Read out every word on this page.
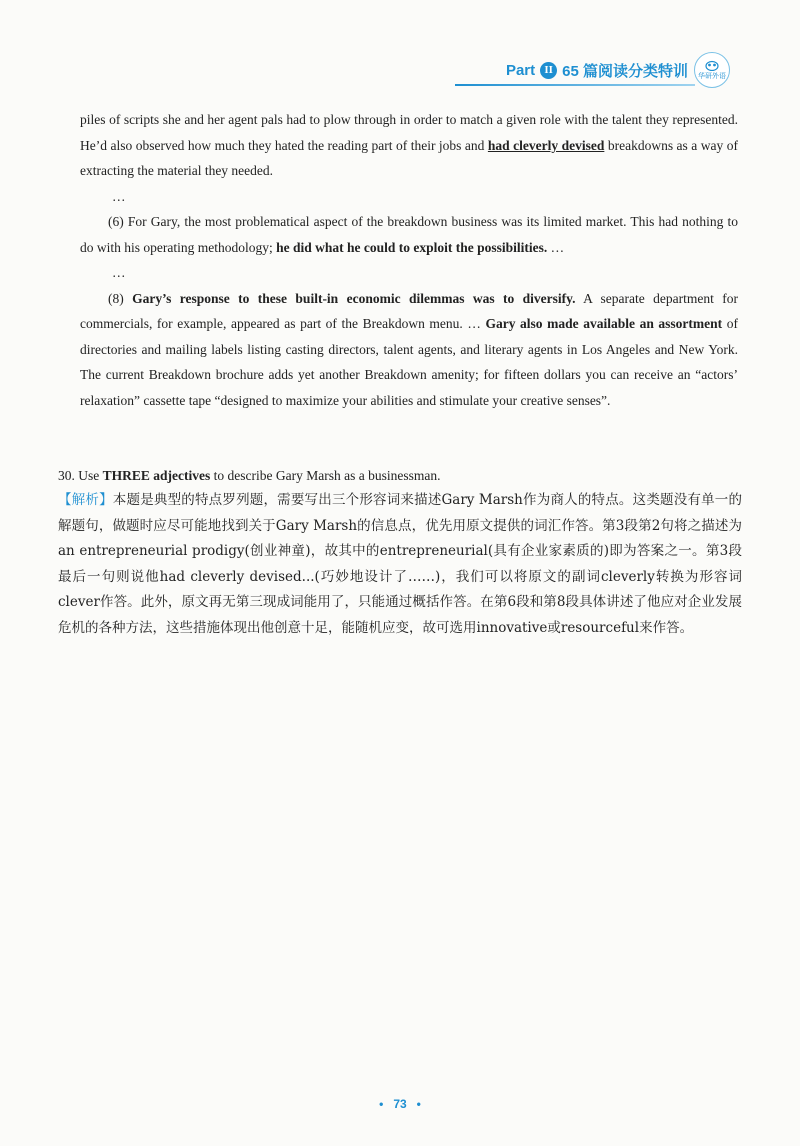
Part II 65 篇阅读分类特训 华研外语

piles of scripts she and her agent pals had to plow through in order to match a given role with the talent they represented. He’d also observed how much they hated the reading part of their jobs and had cleverly devised breakdowns as a way of extracting the material they needed.

…

(6) For Gary, the most problematical aspect of the breakdown business was its limited market. This had nothing to do with his operating methodology; he did what he could to exploit the possibilities. …

…

(8) Gary’s response to these built-in economic dilemmas was to diversify. A separate department for commercials, for example, appeared as part of the Breakdown menu. … Gary also made available an assortment of directories and mailing labels listing casting directors, talent agents, and literary agents in Los Angeles and New York. The current Breakdown brochure adds yet another Breakdown amenity; for fifteen dollars you can receive an “actors’ relaxation” cassette tape “designed to maximize your abilities and stimulate your creative senses”.

30. Use THREE adjectives to describe Gary Marsh as a businessman.
【解析】本题是典型的特点罗列题，需要写出三个形容词来描述Gary Marsh作为商人的特点。这类题没有单一的解题句，做题时应尽可能地找到关于Gary Marsh的信息点，优先用原文提供的词汇作答。第3段第2句将之描述为an entrepreneurial prodigy(创业神童)，故其中的entrepreneurial(具有企业家素质的)即为答案之一。第3段最后一句则说他had cleverly devised...(巧妙地设计了……)，我们可以将原文的副词cleverly转换为形容词clever作答。此外，原文再无第三现成词能用了，只能通过概括作答。在第6段和第8段具体讲述了他应对企业发展危机的各种方法，这些措施体现出他创意十足，能随机应变，故可选用innovative或resourceful来作答。
• 73 •
